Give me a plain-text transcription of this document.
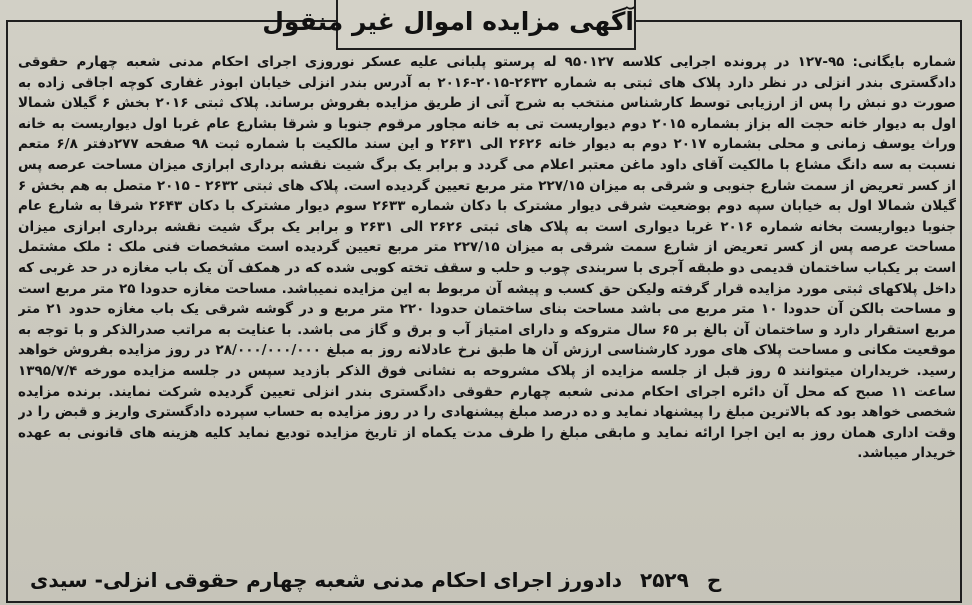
آگهی مزایده اموال غیر منقول
شماره بایگانی: ۹۵-۱۲۷ در پرونده اجرایی کلاسه ۹۵۰۱۲۷ له پرستو پلبانی علیه عسکر نوروزی اجرای احکام مدنی شعبه چهارم حقوقی دادگستری بندر انزلی در نظر دارد پلاک های ثبتی به شماره ۲۶۳۲-۲۰۱۵-۲۰۱۶ به آدرس بندر انزلی خیابان ابوذر غفاری کوچه اجاقی زاده به صورت دو نبش را پس از ارزیابی توسط کارشناس منتخب به شرح آتی از طریق مزایده بفروش برساند. پلاک ثبتی ۲۰۱۶ بخش ۶ گیلان شمالا اول به دیوار خانه حجت اله بزاز بشماره ۲۰۱۵ دوم دیواریست تی به خانه مجاور مرقوم جنوبا و شرقا بشارع عام غربا اول دیواریست به خانه وراث یوسف زمانی و محلی بشماره ۲۰۱۷ دوم به دیوار خانه ۲۶۲۶ الی ۲۶۳۱ و این سند مالکیت با شماره ثبت ۹۸ صفحه ۲۷۷دفتر ۶/۸ متعم نسبت به سه دانگ مشاع با مالکیت آقای داود ماغن معتبر اعلام می گردد و برابر یک برگ شیت نقشه برداری ابرازی میزان مساحت عرصه پس از کسر تعریض از سمت شارع جنوبی و شرقی به میزان ۲۲۷/۱۵ متر مربع تعیین گردیده است. پلاک های ثبتی ۲۶۳۲ - ۲۰۱۵ متصل به هم بخش ۶ گیلان شمالا اول به خیابان سپه دوم بوضعیت شرقی دیوار مشترک با دکان شماره ۲۶۳۳ سوم دیوار مشترک با دکان ۲۶۴۳ شرقا به شارع عام جنوبا دیواریست بخانه شماره ۲۰۱۶ غربا دیواری است به پلاک های ثبتی ۲۶۲۶ الی ۲۶۳۱ و برابر یک برگ شیت نقشه برداری ابرازی میزان مساحت عرصه پس از کسر تعریض از شارع سمت شرقی به میزان ۲۲۷/۱۵ متر مربع تعیین گردیده است مشخصات فنی ملک : ملک مشتمل است بر یکباب ساختمان قدیمی دو طبقه آجری با سربندی چوب و حلب و سقف تخته کوبی شده که در همکف آن یک باب مغازه در حد غربی که داخل پلاکهای ثبتی مورد مزایده قرار گرفته ولیکن حق کسب و پیشه آن مربوط به این مزایده نمیباشد. مساحت مغازه حدودا ۲۵ متر مربع است و مساحت بالکن آن حدودا ۱۰ متر مربع می باشد مساحت بنای ساختمان حدودا ۲۲۰ متر مربع و در گوشه شرقی یک باب مغازه حدود ۲۱ متر مربع استقرار دارد و ساختمان آن بالغ بر ۶۵ سال متروکه و دارای امتیاز آب و برق و گاز می باشد. با عنایت به مراتب صدرالذکر و با توجه به موقعیت مکانی و مساحت پلاک های مورد کارشناسی ارزش آن ها طبق نرخ عادلانه روز به مبلغ ۲۸/۰۰۰/۰۰۰/۰۰۰ در روز مزایده بفروش خواهد رسید. خریداران میتوانند ۵ روز قبل از جلسه مزایده از پلاک مشروحه به نشانی فوق الذکر بازدید سپس در جلسه مزایده مورخه ۱۳۹۵/۷/۴ ساعت ۱۱ صبح که محل آن دائره اجرای احکام مدنی شعبه چهارم حقوقی دادگستری بندر انزلی تعیین گردیده شرکت نمایند. برنده مزایده شخصی خواهد بود که بالاترین مبلغ را پیشنهاد نماید و ده درصد مبلغ پیشنهادی را در روز مزایده به حساب سپرده دادگستری واریز و قبض را در وقت اداری همان روز به این اجرا ارائه نماید و مابقی مبلغ را ظرف مدت یکماه از تاریخ مزایده تودیع نماید کلیه هزینه های قانونی به عهده خریدار میباشد.
ح۲۵۲۹دادورز اجرای احکام مدنی شعبه چهارم حقوقی انزلی- سیدی
